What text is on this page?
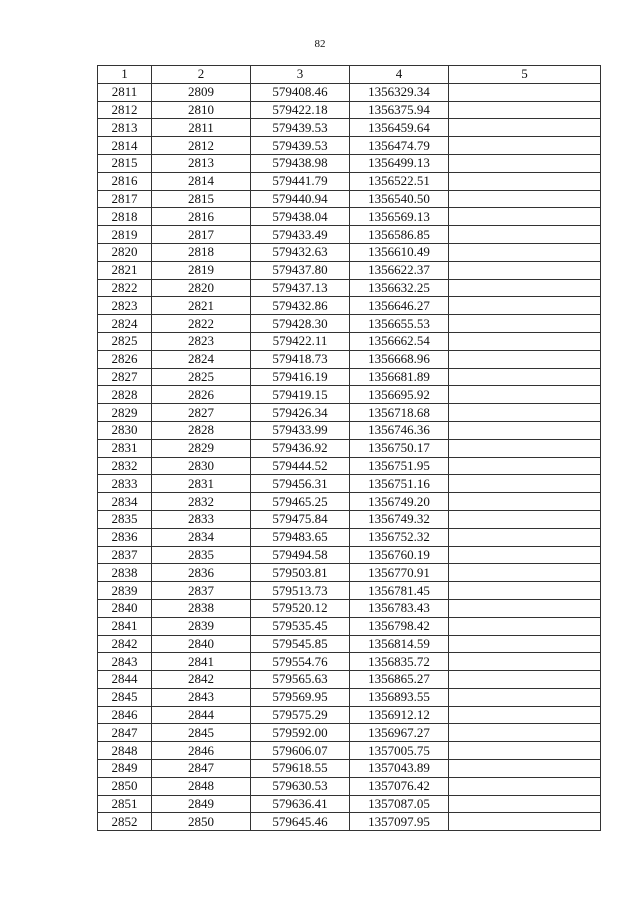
82
1	2	3	4	5
2811	2809	579408.46	1356329.34	
2812	2810	579422.18	1356375.94	
2813	2811	579439.53	1356459.64	
2814	2812	579439.53	1356474.79	
2815	2813	579438.98	1356499.13	
2816	2814	579441.79	1356522.51	
2817	2815	579440.94	1356540.50	
2818	2816	579438.04	1356569.13	
2819	2817	579433.49	1356586.85	
2820	2818	579432.63	1356610.49	
2821	2819	579437.80	1356622.37	
2822	2820	579437.13	1356632.25	
2823	2821	579432.86	1356646.27	
2824	2822	579428.30	1356655.53	
2825	2823	579422.11	1356662.54	
2826	2824	579418.73	1356668.96	
2827	2825	579416.19	1356681.89	
2828	2826	579419.15	1356695.92	
2829	2827	579426.34	1356718.68	
2830	2828	579433.99	1356746.36	
2831	2829	579436.92	1356750.17	
2832	2830	579444.52	1356751.95	
2833	2831	579456.31	1356751.16	
2834	2832	579465.25	1356749.20	
2835	2833	579475.84	1356749.32	
2836	2834	579483.65	1356752.32	
2837	2835	579494.58	1356760.19	
2838	2836	579503.81	1356770.91	
2839	2837	579513.73	1356781.45	
2840	2838	579520.12	1356783.43	
2841	2839	579535.45	1356798.42	
2842	2840	579545.85	1356814.59	
2843	2841	579554.76	1356835.72	
2844	2842	579565.63	1356865.27	
2845	2843	579569.95	1356893.55	
2846	2844	579575.29	1356912.12	
2847	2845	579592.00	1356967.27	
2848	2846	579606.07	1357005.75	
2849	2847	579618.55	1357043.89	
2850	2848	579630.53	1357076.42	
2851	2849	579636.41	1357087.05	
2852	2850	579645.46	1357097.95	
